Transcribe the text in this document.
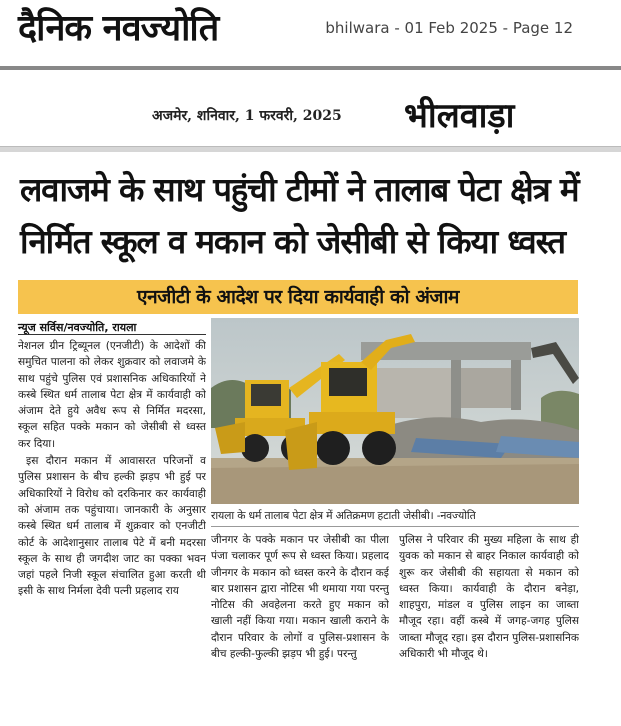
दैनिक नवज्योति	bhilwara - 01 Feb 2025 - Page 12
अजमेर, शनिवार, 1 फरवरी, 2025 भीलवाड़ा
लवाजमे के साथ पहुंची टीमों ने तालाब पेटा क्षेत्र में
निर्मित स्कूल व मकान को जेसीबी से किया ध्वस्त
एनजीटी के आदेश पर दिया कार्यवाही को अंजाम
न्यूज सर्विस/नवज्योति, रायला

नेशनल ग्रीन ट्रिब्यूनल (एनजीटी) के आदेशों की समुचित पालना को लेकर शुक्रवार को लवाजमे के साथ पहुंचे पुलिस एवं प्रशासनिक अधिकारियों ने कस्बे स्थित धर्म तालाब पेटा क्षेत्र में कार्यवाही को अंजाम देते हुये अवैध रूप से निर्मित मदरसा, स्कूल सहित पक्के मकान को जेसीबी से ध्वस्त कर दिया।

इस दौरान मकान में आवासरत परिजनों व पुलिस प्रशासन के बीच हल्की झड़प भी हुई पर अधिकारियों ने विरोध को दरकिनार कर कार्यवाही को अंजाम तक पहुंचाया। जानकारी के अनुसार कस्बे स्थित धर्म तालाब में शुक्रवार को एनजीटी कोर्ट के आदेशानुसार तालाब पेटे में बनी मदरसा स्कूल के साथ ही जगदीश जाट का पक्का भवन जहां पहले निजी स्कूल संचालित हुआ करती थी इसी के साथ निर्मला देवी पत्नी प्रहलाद राय

रायला के धर्म तालाब पेटा क्षेत्र में अतिक्रमण हटाती जेसीबी। -नवज्योति

जीनगर के पक्के मकान पर जेसीबी का पीला पंजा चलाकर पूर्ण रूप से ध्वस्त किया। प्रहलाद जीनगर के मकान को ध्वस्त करने के दौरान कई बार प्रशासन द्वारा नोटिस भी थमाया गया परन्तु नोटिस की अवहेलना करते हुए मकान को खाली नहीं किया गया। मकान खाली कराने के दौरान परिवार के लोगों व पुलिस-प्रशासन के बीच हल्की-फुल्की झड़प भी हुई। परन्तु

पुलिस ने परिवार की मुख्य महिला के साथ ही युवक को मकान से बाहर निकाल कार्यवाही को शुरू कर जेसीबी की सहायता से मकान को ध्वस्त किया। कार्यवाही के दौरान बनेड़ा, शाहपुरा, मांडल व पुलिस लाइन का जाब्ता मौजूद रहा। वहीं कस्बे में जगह-जगह पुलिस जाब्ता मौजूद रहा। इस दौरान पुलिस-प्रशासनिक अधिकारी भी मौजूद थे।
